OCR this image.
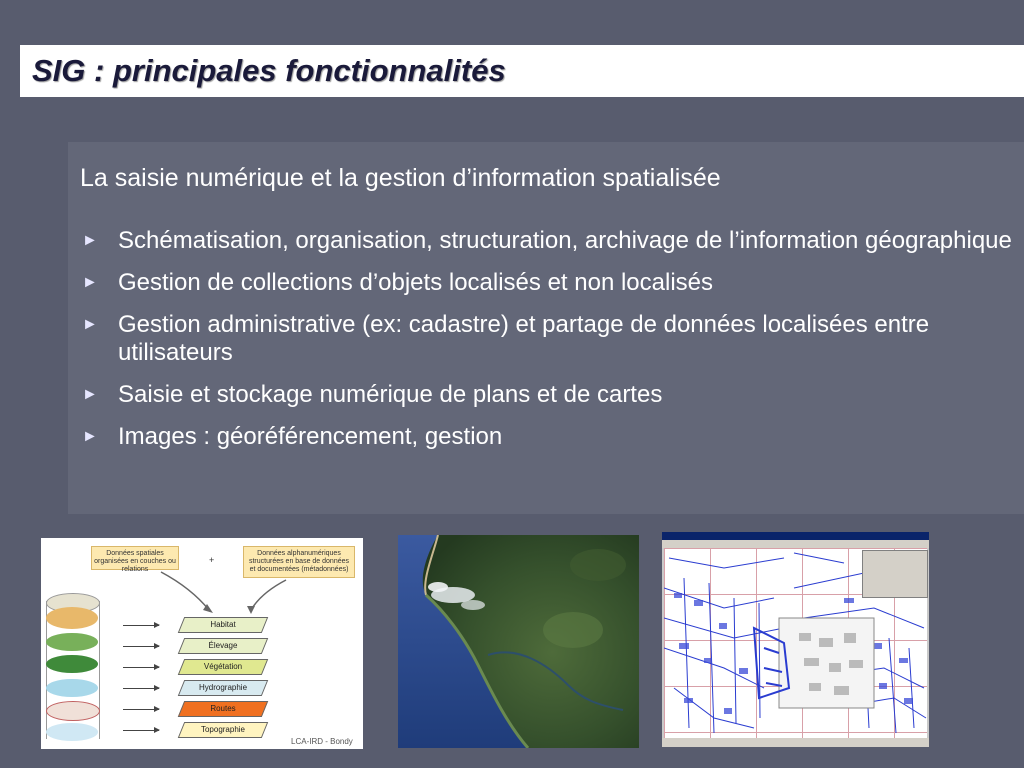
SIG : principales fonctionnalités
La saisie numérique et la gestion d’information spatialisée
► Schématisation, organisation, structuration, archivage de l’information géographique
► Gestion de collections d’objets localisés et non localisés
► Gestion administrative (ex: cadastre) et partage de données localisées entre utilisateurs
► Saisie et stockage numérique de plans et de cartes
► Images : géoréférencement, gestion
Données spatiales organisées en couches ou relations
+
Données alphanumériques structurées en base de données et documentées (métadonnées)
Habitat
Élevage
Végétation
Hydrographie
Routes
Topographie
LCA-IRD - Bondy
